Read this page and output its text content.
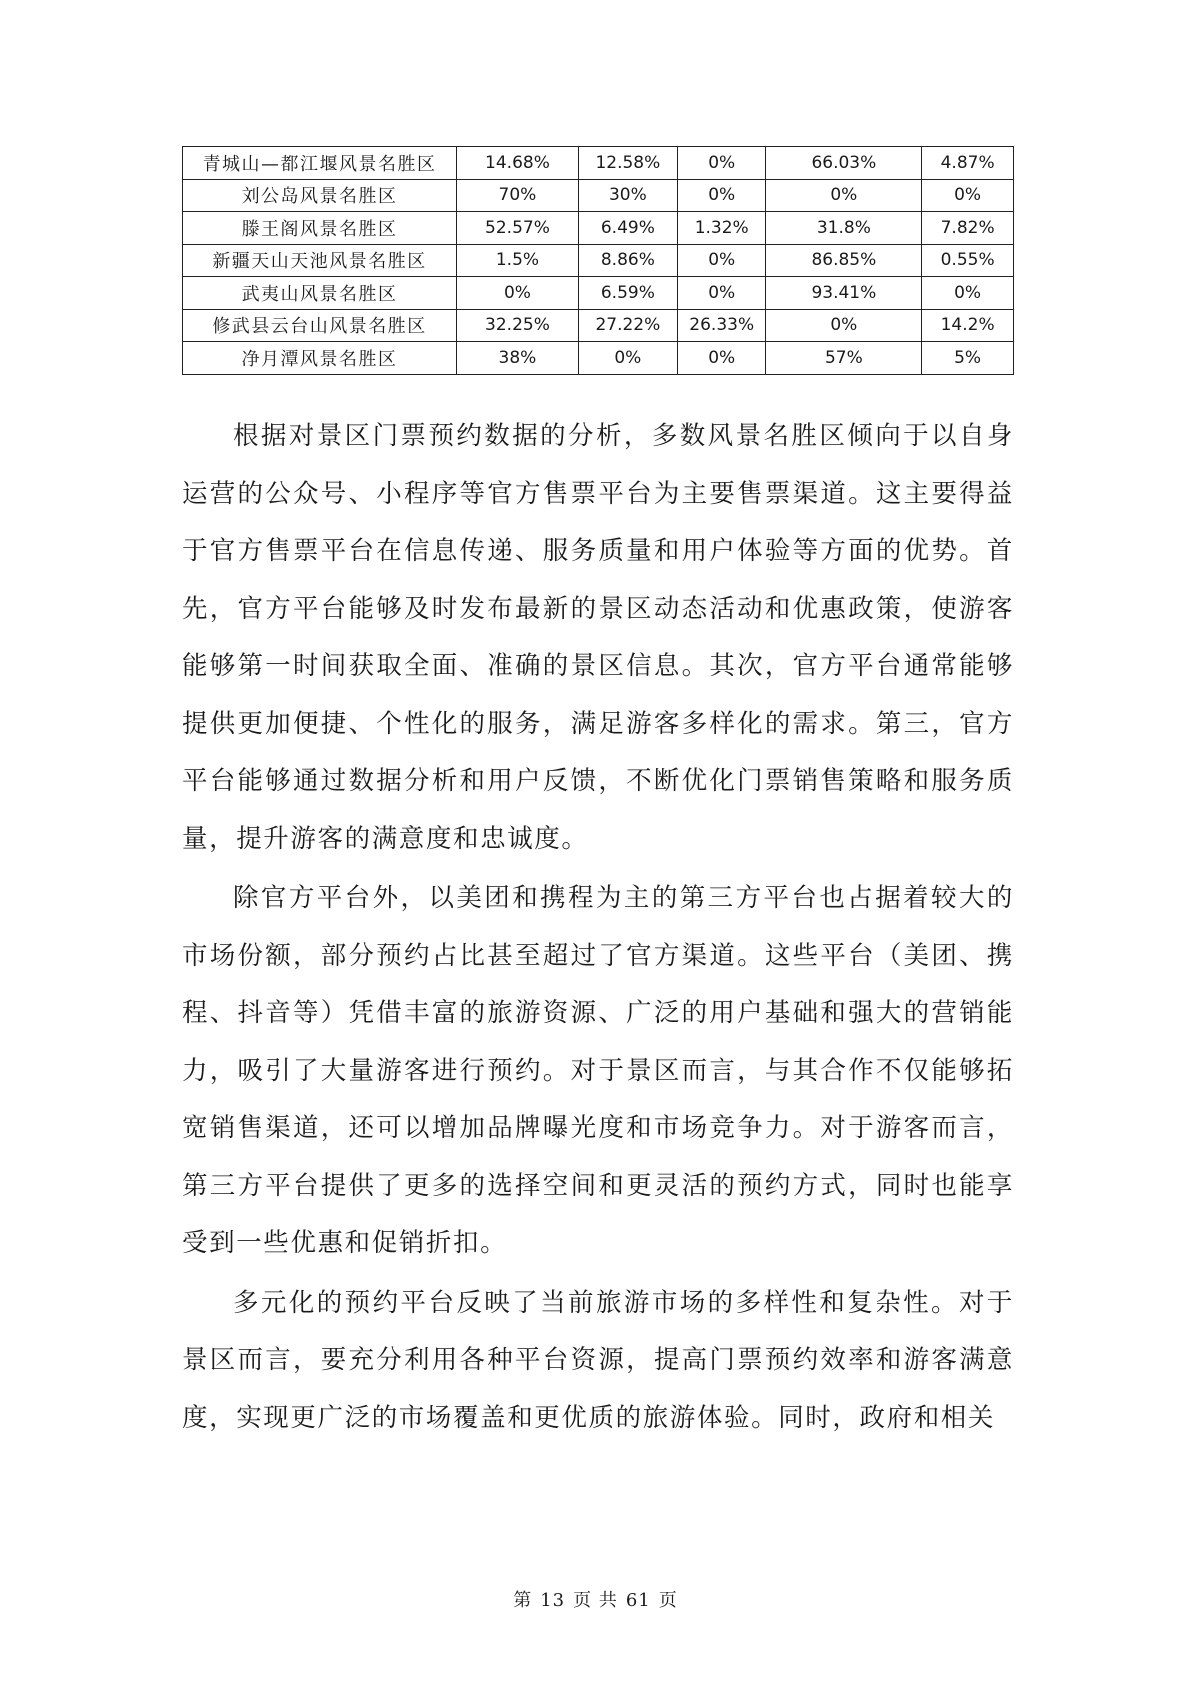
青城山—都江堰风景名胜区	14.68%	12.58%	0%	66.03%	4.87%
刘公岛风景名胜区	70%	30%	0%	0%	0%
滕王阁风景名胜区	52.57%	6.49%	1.32%	31.8%	7.82%
新疆天山天池风景名胜区	1.5%	8.86%	0%	86.85%	0.55%
武夷山风景名胜区	0%	6.59%	0%	93.41%	0%
修武县云台山风景名胜区	32.25%	27.22%	26.33%	0%	14.2%
净月潭风景名胜区	38%	0%	0%	57%	5%

根据对景区门票预约数据的分析，多数风景名胜区倾向于以自身运营的公众号、小程序等官方售票平台为主要售票渠道。这主要得益于官方售票平台在信息传递、服务质量和用户体验等方面的优势。首先，官方平台能够及时发布最新的景区动态活动和优惠政策，使游客能够第一时间获取全面、准确的景区信息。其次，官方平台通常能够提供更加便捷、个性化的服务，满足游客多样化的需求。第三，官方平台能够通过数据分析和用户反馈，不断优化门票销售策略和服务质量，提升游客的满意度和忠诚度。

除官方平台外，以美团和携程为主的第三方平台也占据着较大的市场份额，部分预约占比甚至超过了官方渠道。这些平台（美团、携程、抖音等）凭借丰富的旅游资源、广泛的用户基础和强大的营销能力，吸引了大量游客进行预约。对于景区而言，与其合作不仅能够拓宽销售渠道，还可以增加品牌曝光度和市场竞争力。对于游客而言，第三方平台提供了更多的选择空间和更灵活的预约方式，同时也能享受到一些优惠和促销折扣。

多元化的预约平台反映了当前旅游市场的多样性和复杂性。对于景区而言，要充分利用各种平台资源，提高门票预约效率和游客满意度，实现更广泛的市场覆盖和更优质的旅游体验。同时，政府和相关

第 13 页 共 61 页
